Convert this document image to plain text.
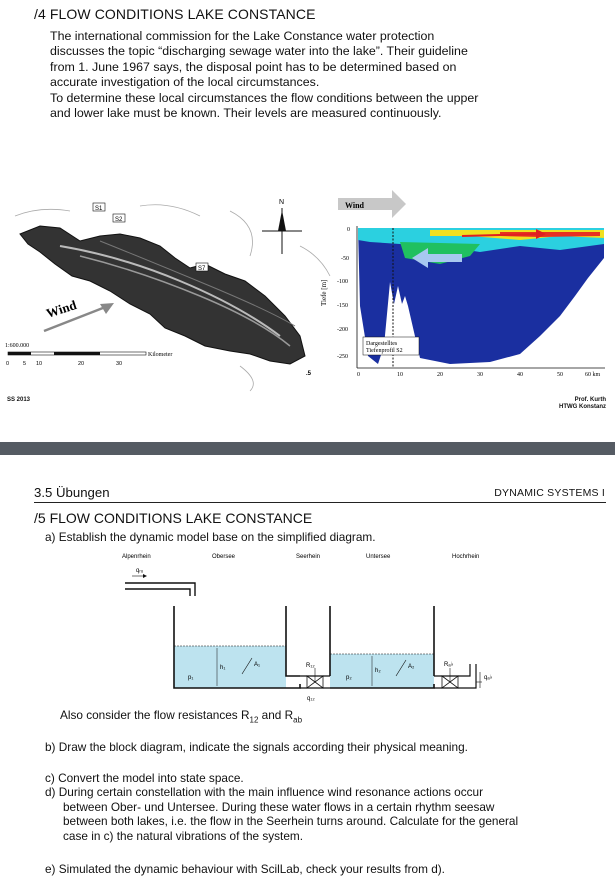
/4 FLOW CONDITIONS LAKE CONSTANCE
The international commission for the Lake Constance water protection
discusses the topic “discharging sewage water into the lake”. Their guideline
from 1. June 1967 says, the disposal point has to be determined based on
accurate investigation of the local circumstances.
To determine these local circumstances the flow conditions between the upper
and lower lake must be known. Their levels are measured continuously.
S1
S2
S7
N
Wind
1:600.000
Kilometer
0	5 10	20	30
.5
Wind
Tiefe [m]
0
-50
-100
-150
-200
-250
0	10	20	30	40	50	60 km
Dargestelltes
Tiefenprofil S2
SS 2013	Prof. Kurth
HTWG Konstanz
3.5 Übungen	DYNAMIC SYSTEMS I
/5 FLOW CONDITIONS LAKE CONSTANCE
a) Establish the dynamic model base on the simplified diagram.
Alpenrhein	Obersee	Seerhein	Untersee	Hochrhein
qᵣᵤ
p₁
h₁	A₁	R₁₂
q₁₂
p₂
h₂
A₂	Rₐ♭
qₐ♭
Also consider the flow resistances $R_{12}$ and $R_{ab}$
b) Draw the block diagram, indicate the signals according their physical meaning.
c) Convert the model into state space.
d) During certain constellation with the main influence wind resonance actions occur
between Ober- und Untersee. During these water flows in a certain rhythm seesaw
between both lakes, i.e. the flow in the Seerhein turns around. Calculate for the general
case in c) the natural vibrations of the system.
e) Simulated the dynamic behaviour with ScilLab, check your results from d).
